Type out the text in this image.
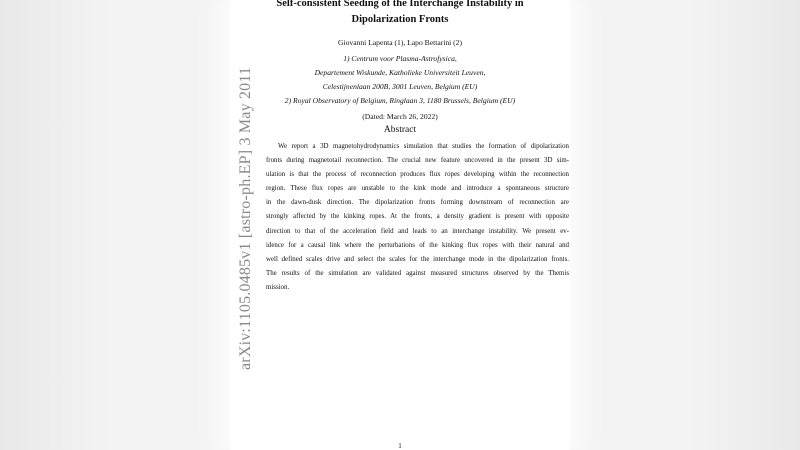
Self-consistent Seeding of the Interchange Instability in
Dipolarization Fronts
Giovanni Lapenta (1), Lapo Bettarini (2)
1) Centrum voor Plasma-Astrofysica,
Departement Wiskunde, Katholieke Universiteit Leuven,
Celestijnenlaan 200B, 3001 Leuven, Belgium (EU)
2) Royal Observatory of Belgium, Ringlaan 3, 1180 Brussels, Belgium (EU)
(Dated: March 26, 2022)
Abstract
We report a 3D magnetohydrodynamics simulation that studies the formation of dipolarization
fronts during magnetotail reconnection. The crucial new feature uncovered in the present 3D sim-
ulation is that the process of reconnection produces flux ropes developing within the reconnection
region. These flux ropes are unstable to the kink mode and introduce a spontaneous structure
in the dawn-dusk direction. The dipolarization fronts forming downstream of reconnection are
strongly affected by the kinking ropes. At the fronts, a density gradient is present with opposite
direction to that of the acceleration field and leads to an interchange instability. We present ev-
idence for a causal link where the perturbations of the kinking flux ropes with their natural and
well defined scales drive and select the scales for the interchange mode in the dipolarization fronts.
The results of the simulation are validated against measured structures observed by the Themis
mission.
1
arXiv:1105.0485v1 [astro-ph.EP] 3 May 2011
